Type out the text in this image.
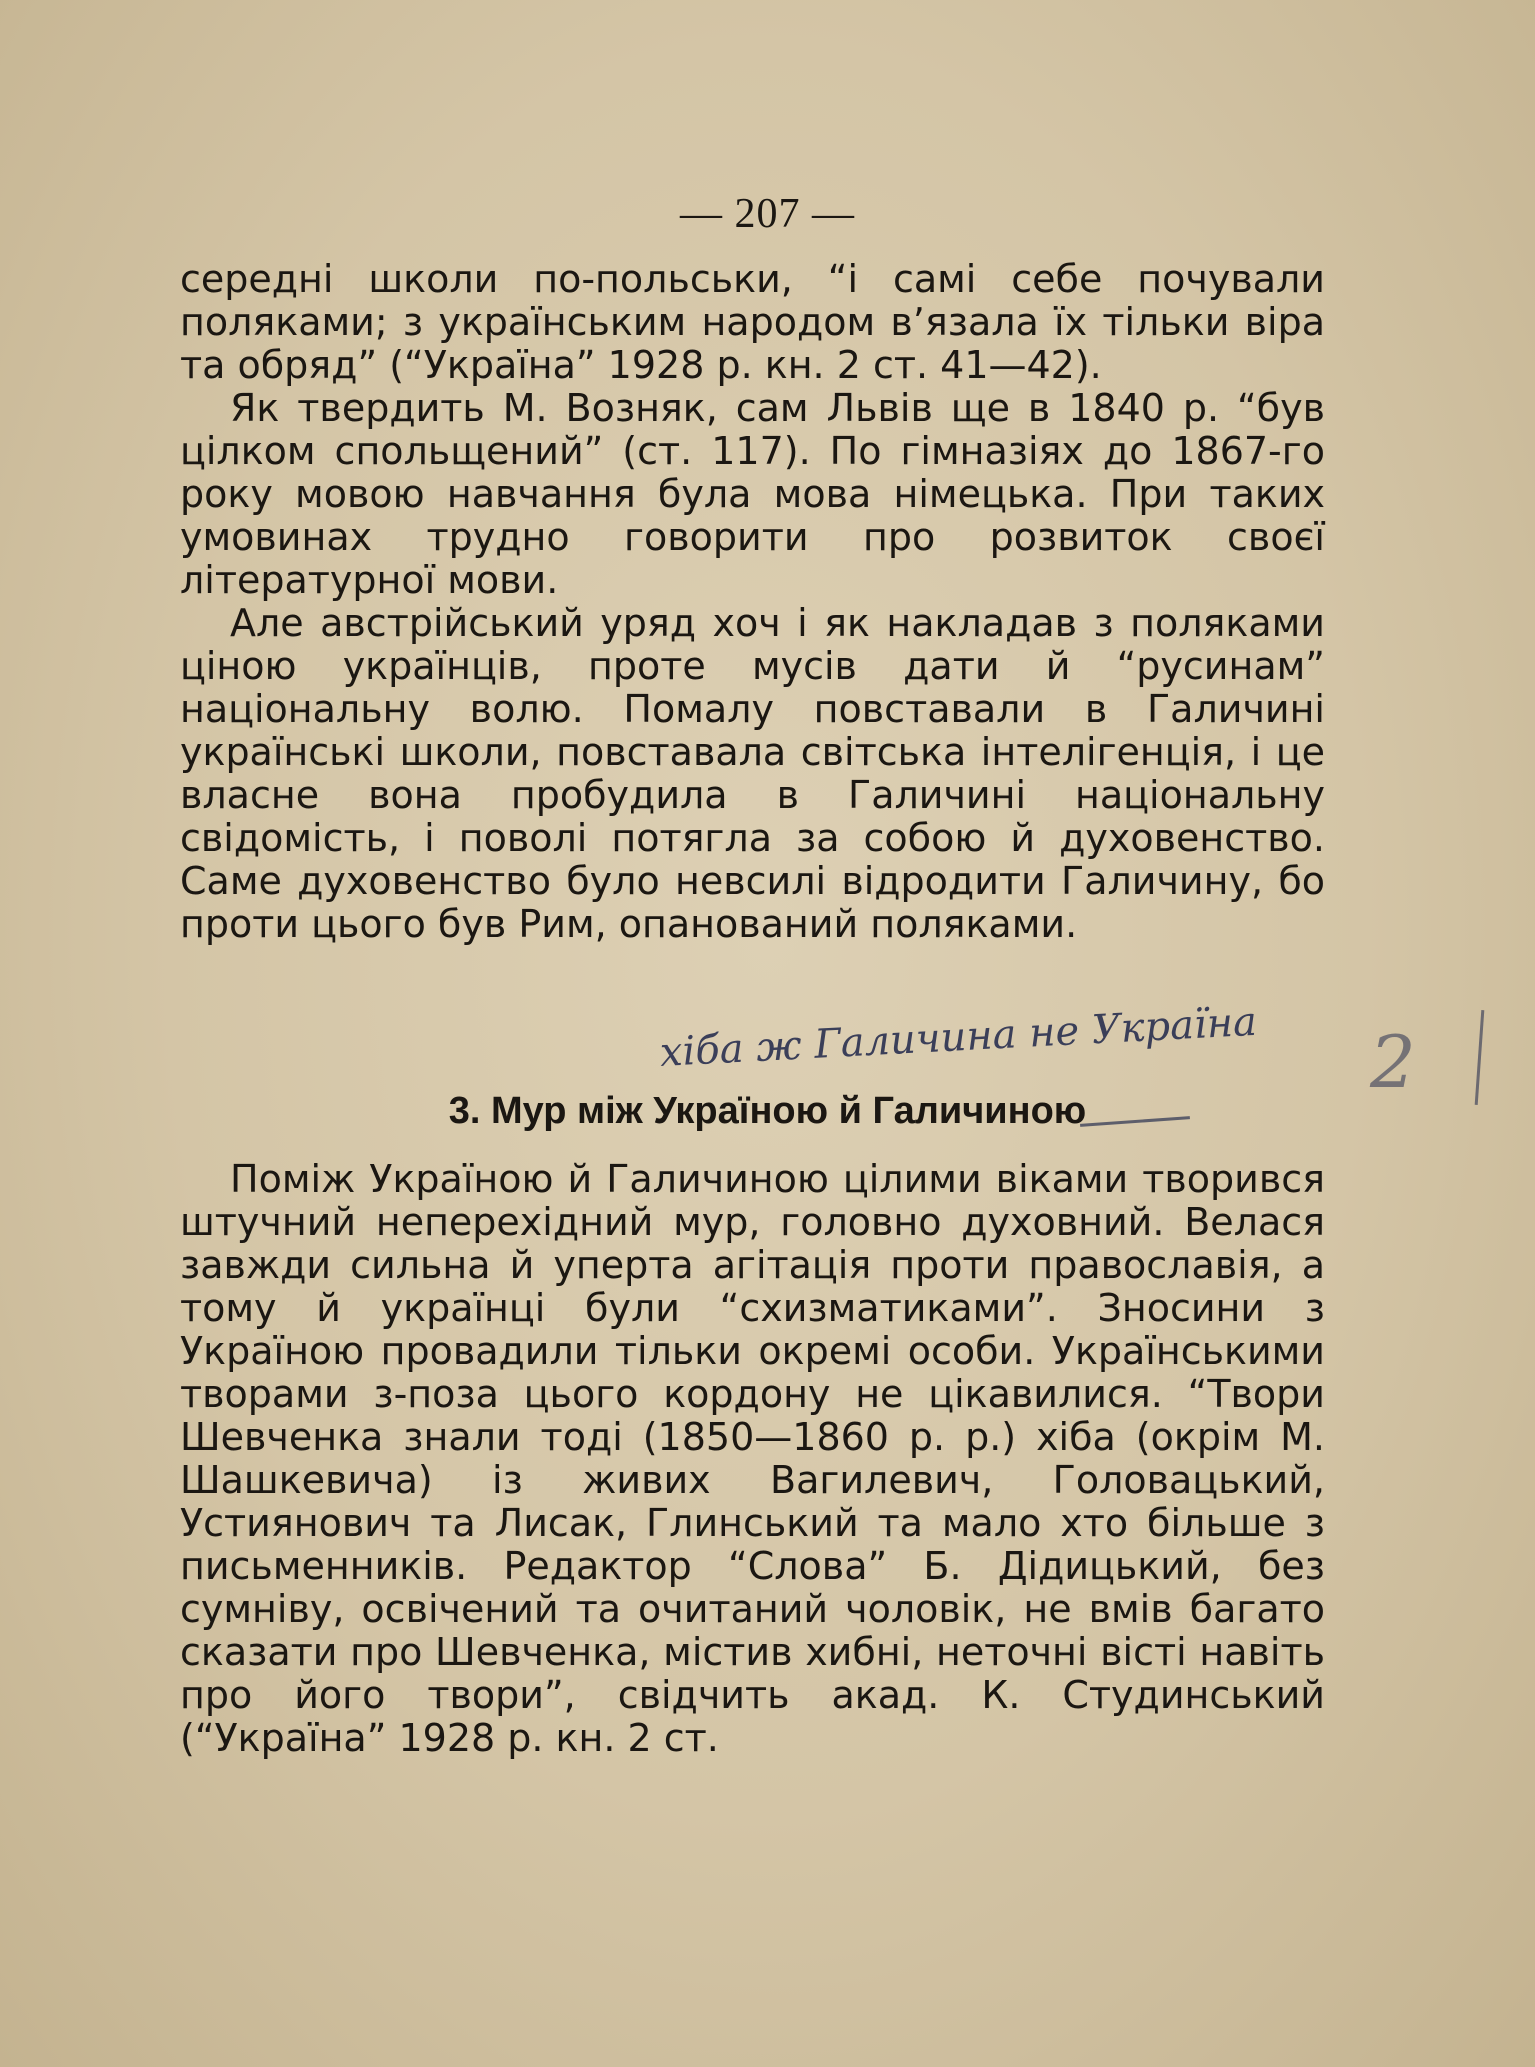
— 207 —

середні школи по-польськи, “і самі себе почували поляками; з українським народом в’язала їх тільки віра та обряд” (“Україна” 1928 р. кн. 2 ст. 41—42).

Як твердить М. Возняк, сам Львів ще в 1840 р. “був цілком спольщений” (ст. 117). По гімназіях до 1867-го року мовою навчання була мова німецька. При таких умовинах трудно говорити про розвиток своєї літературної мови.

Але австрійський уряд хоч і як накладав з поляками ціною українців, проте мусів дати й “русинам” національну волю. Помалу повставали в Галичині українські школи, повставала світська інтелігенція, і це власне вона пробудила в Галичині національну свідомість, і поволі потягла за собою й духовенство. Саме духовенство було невсилі відродити Галичину, бо проти цього був Рим, опанований поляками.

хіба ж Галичина не Україна 2
3. Мур між Україною й Галичиною

Поміж Україною й Галичиною цілими віками творився штучний неперехідний мур, головно духовний. Велася завжди сильна й уперта агітація проти православія, а тому й українці були “схизматиками”. Зносини з Україною провадили тільки окремі особи. Українськими творами з-поза цього кордону не цікавилися. “Твори Шевченка знали тоді (1850—1860 р. р.) хіба (окрім М. Шашкевича) із живих Вагилевич, Головацький, Устиянович та Лисак, Глинський та мало хто більше з письменників. Редактор “Слова” Б. Дідицький, без сумніву, освічений та очитаний чоловік, не вмів багато сказати про Шевченка, містив хибні, неточні вісті навіть про його твори”, свідчить акад. К. Студинський (“Україна” 1928 р. кн. 2 ст.
